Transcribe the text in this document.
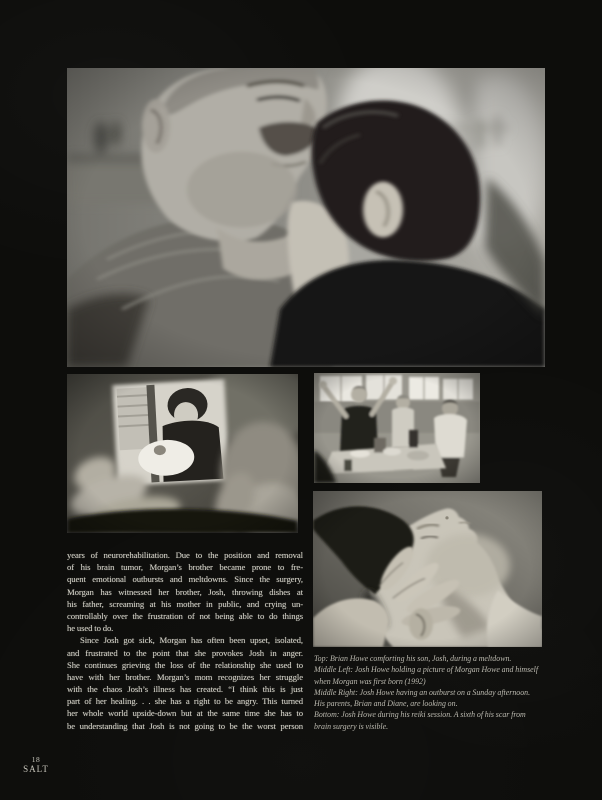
years of neurorehabilitation. Due to the position and removal
of his brain tumor, Morgan’s brother became prone to fre-
quent emotional outbursts and meltdowns. Since the surgery,
Morgan has witnessed her brother, Josh, throwing dishes at
his father, screaming at his mother in public, and crying un-
controllably over the frustration of not being able to do things
he used to do.
Since Josh got sick, Morgan has often been upset, isolated,
and frustrated to the point that she provokes Josh in anger.
She continues grieving the loss of the relationship she used to
have with her brother. Morgan’s mom recognizes her struggle
with the chaos Josh’s illness has created. “I think this is just
part of her healing. . . she has a right to be angry. This turned
her whole world upside-down but at the same time she has to
be understanding that Josh is not going to be the worst person
Top: Brian Howe comforting his son, Josh, during a meltdown.
Middle Left: Josh Howe holding a picture of Morgan Howe and himself
when Morgan was first born (1992)
Middle Right: Josh Howe having an outburst on a Sunday afternoon.
His parents, Brian and Diane, are looking on.
Bottom: Josh Howe during his reiki session. A sixth of his scar from
brain surgery is visible.
18
SALT
